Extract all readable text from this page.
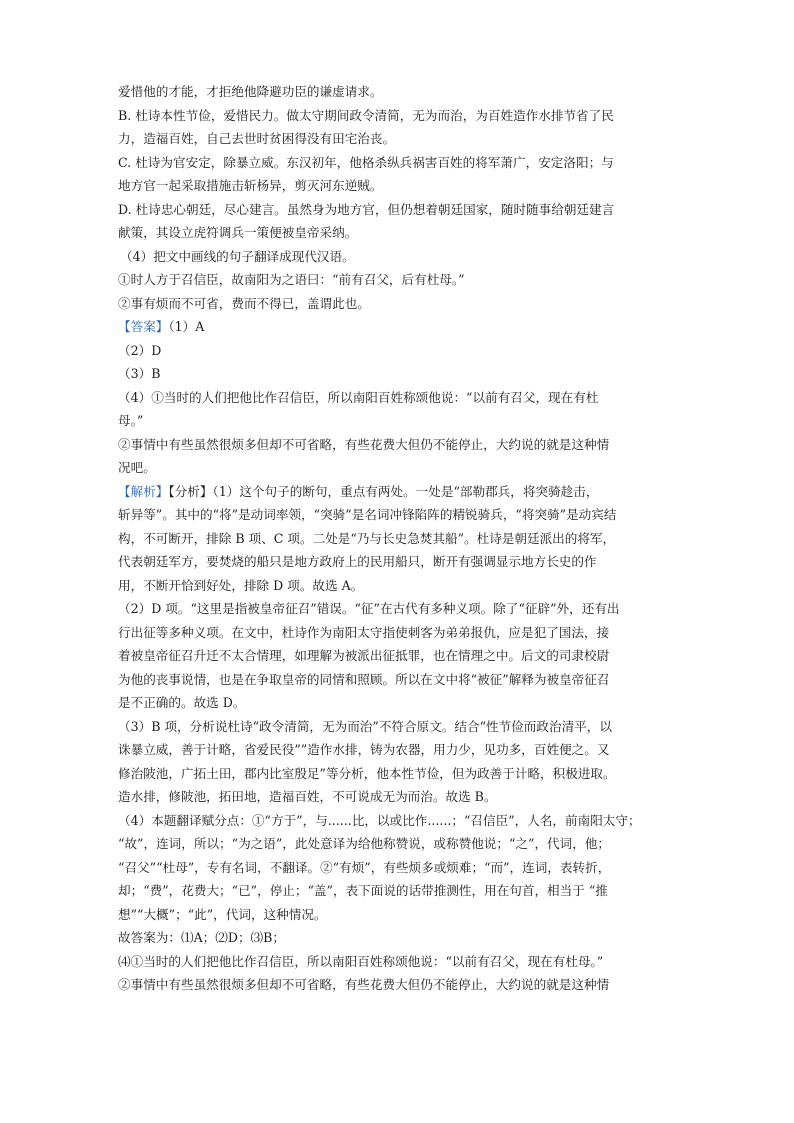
爱惜他的才能，才拒绝他降避功臣的谦虚请求。

B. 杜诗本性节俭，爱惜民力。做太守期间政令清简，无为而治，为百姓造作水排节省了民

力，造福百姓，自己去世时贫困得没有田宅治丧。

C. 杜诗为官安定，除暴立威。东汉初年，他格杀纵兵祸害百姓的将军萧广，安定洛阳；与

地方官一起采取措施击斩杨异，剪灭河东逆贼。

D. 杜诗忠心朝廷，尽心建言。虽然身为地方官，但仍想着朝廷国家，随时随事给朝廷建言

献策，其设立虎符调兵一策便被皇帝采纳。

（4）把文中画线的句子翻译成现代汉语。

①时人方于召信臣，故南阳为之语曰：“前有召父，后有杜母。”

②事有烦而不可省，费而不得已，盖谓此也。

【答案】（1）A

（2）D

（3）B

（4）①当时的人们把他比作召信臣，所以南阳百姓称颂他说：“以前有召父，现在有杜

母。”

②事情中有些虽然很烦多但却不可省略，有些花费大但仍不能停止，大约说的就是这种情

况吧。

【解析】【分析】（1）这个句子的断句，重点有两处。一处是“部勒郡兵，将突骑趁击，

斩异等”。其中的“将”是动词率领，“突骑”是名词冲锋陷阵的精锐骑兵，“将突骑”是动宾结

构，不可断开，排除 B 项、C 项。二处是“乃与长史急焚其船”。杜诗是朝廷派出的将军，

代表朝廷军方，要焚烧的船只是地方政府上的民用船只，断开有强调显示地方长史的作

用，不断开恰到好处，排除 D 项。故选 A。

（2）D 项。“这里是指被皇帝征召”错误。“征”在古代有多种义项。除了“征辟”外，还有出

行出征等多种义项。在文中，杜诗作为南阳太守指使刺客为弟弟报仇，应是犯了国法，接

着被皇帝征召升迁不太合情理，如理解为被派出征抵罪，也在情理之中。后文的司隶校尉

为他的丧事说情，也是在争取皇帝的同情和照顾。所以在文中将“被征”解释为被皇帝征召

是不正确的。故选 D。

（3）B 项，分析说杜诗“政令清简，无为而治”不符合原文。结合“性节俭而政治清平，以

诛暴立威，善于计略，省爱民役””造作水排，铸为农器，用力少，见功多，百姓便之。又

修治陂池，广拓土田，郡内比室殷足”等分析，他本性节俭，但为政善于计略，积极进取。

造水排，修陂池，拓田地，造福百姓，不可说成无为而治。故选 B。

（4）本题翻译赋分点：①“方于”，与......比，以或比作......；“召信臣”，人名，前南阳太守；

“故”，连词，所以；“为之语”，此处意译为给他称赞说，或称赞他说；“之”，代词，他；

“召父”“杜母”，专有名词，不翻译。②“有烦”，有些烦多或烦难；“而”，连词，表转折，

却；“费”，花费大；“已”，停止；“盖”，表下面说的话带推测性，用在句首，相当于 “推

想”“大概”；“此”，代词，这种情况。

故答案为：⑴A；⑵D；⑶B；

⑷①当时的人们把他比作召信臣，所以南阳百姓称颂他说：“以前有召父，现在有杜母。”

②事情中有些虽然很烦多但却不可省略，有些花费大但仍不能停止，大约说的就是这种情
